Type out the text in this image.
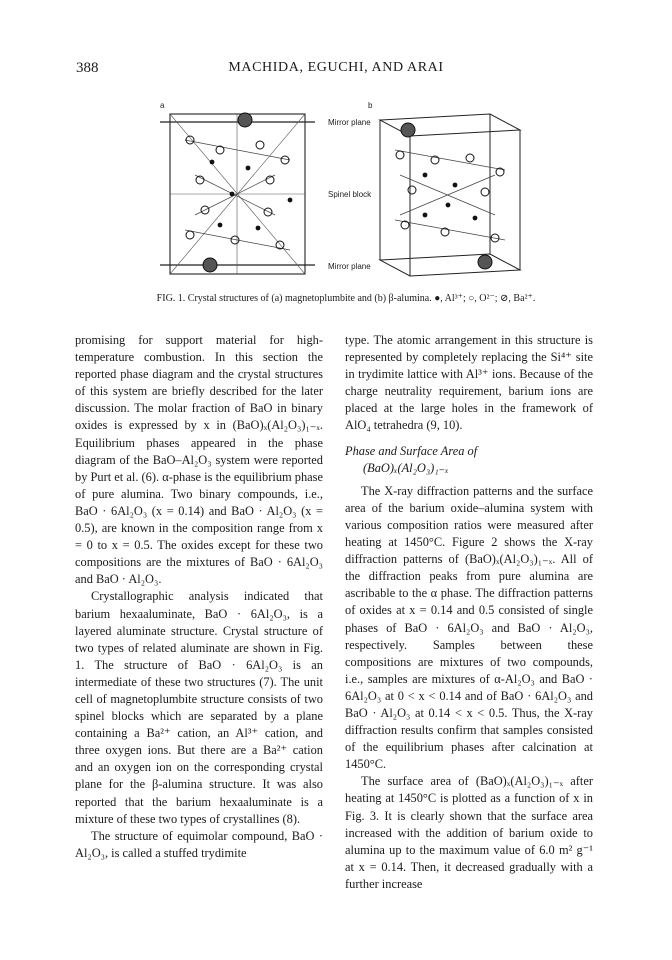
388	MACHIDA, EGUCHI, AND ARAI
a
Mirror plane
Spinel block
Mirror plane
b
FIG. 1. Crystal structures of (a) magnetoplumbite and (b) β-alumina. ●, Al³⁺; ○, O²⁻; ⊘, Ba²⁺.

promising for support material for high-temperature combustion. In this section the reported phase diagram and the crystal structures of this system are briefly described for the later discussion. The molar fraction of BaO in binary oxides is expressed by x in (BaO)ₓ(Al₂O₃)₁₋ₓ. Equilibrium phases appeared in the phase diagram of the BaO–Al₂O₃ system were reported by Purt et al. (6). α-phase is the equilibrium phase of pure alumina. Two binary compounds, i.e., BaO · 6Al₂O₃ (x = 0.14) and BaO · Al₂O₃ (x = 0.5), are known in the composition range from x = 0 to x = 0.5. The oxides except for these two compositions are the mixtures of BaO · 6Al₂O₃ and BaO · Al₂O₃.

Crystallographic analysis indicated that barium hexaaluminate, BaO · 6Al₂O₃, is a layered aluminate structure. Crystal structure of two types of related aluminate are shown in Fig. 1. The structure of BaO · 6Al₂O₃ is an intermediate of these two structures (7). The unit cell of magnetoplumbite structure consists of two spinel blocks which are separated by a plane containing a Ba²⁺ cation, an Al³⁺ cation, and three oxygen ions. But there are a Ba²⁺ cation and an oxygen ion on the corresponding crystal plane for the β-alumina structure. It was also reported that the barium hexaaluminate is a mixture of these two types of crystallines (8).

The structure of equimolar compound, BaO · Al₂O₃, is called a stuffed trydimite

type. The atomic arrangement in this structure is represented by completely replacing the Si⁴⁺ site in trydimite lattice with Al³⁺ ions. Because of the charge neutrality requirement, barium ions are placed at the large holes in the framework of AlO₄ tetrahedra (9, 10).

Phase and Surface Area of

(BaO)ₓ(Al₂O₃)₁₋ₓ

The X-ray diffraction patterns and the surface area of the barium oxide–alumina system with various composition ratios were measured after heating at 1450°C. Figure 2 shows the X-ray diffraction patterns of (BaO)ₓ(Al₂O₃)₁₋ₓ. All of the diffraction peaks from pure alumina are ascribable to the α phase. The diffraction patterns of oxides at x = 0.14 and 0.5 consisted of single phases of BaO · 6Al₂O₃ and BaO · Al₂O₃, respectively. Samples between these compositions are mixtures of two compounds, i.e., samples are mixtures of α-Al₂O₃ and BaO · 6Al₂O₃ at 0 < x < 0.14 and of BaO · 6Al₂O₃ and BaO · Al₂O₃ at 0.14 < x < 0.5. Thus, the X-ray diffraction results confirm that samples consisted of the equilibrium phases after calcination at 1450°C.

The surface area of (BaO)ₓ(Al₂O₃)₁₋ₓ after heating at 1450°C is plotted as a function of x in Fig. 3. It is clearly shown that the surface area increased with the addition of barium oxide to alumina up to the maximum value of 6.0 m² g⁻¹ at x = 0.14. Then, it decreased gradually with a further increase
